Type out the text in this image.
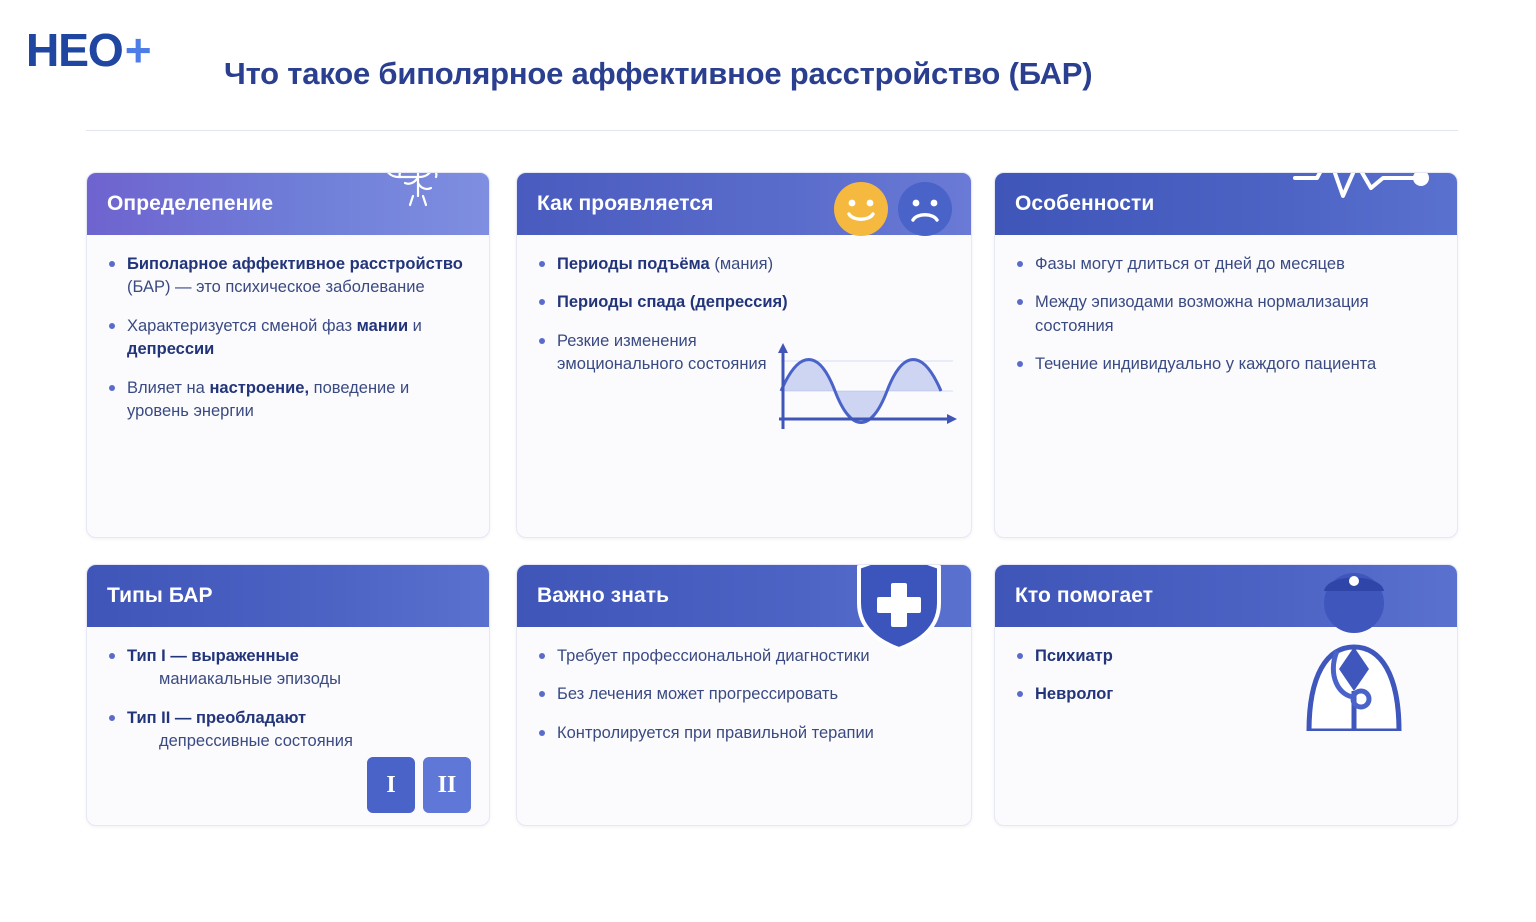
HEO + Что такое биполярное аффективное расстройство (БАР)
Определепение
Биполарное аффективное расстройство (БАР) — это психическое заболевание
Характеризуется сменой фаз мании и депрессии
Влияет на настроение, поведение и уровень энергии
Как проявляется
Периоды подъёма (мания)
Периоды спада (депрессия)
Резкие изменения эмоционального состояния
Особенности
Фазы могут длиться от дней до месяцев
Между эпизодами возможна нормализация состояния
Течение индивидуально у каждого пациента
Типы БАР
Тип I — выраженные
маниакальные эпизоды
Тип II — преобладают
депрессивные состояния
I	II
Важно знать
Требует профессиональной диагностики
Без лечения может прогрессировать
Контролируется при правильной терапии
Кто помогает
Психиатр
Невролог
